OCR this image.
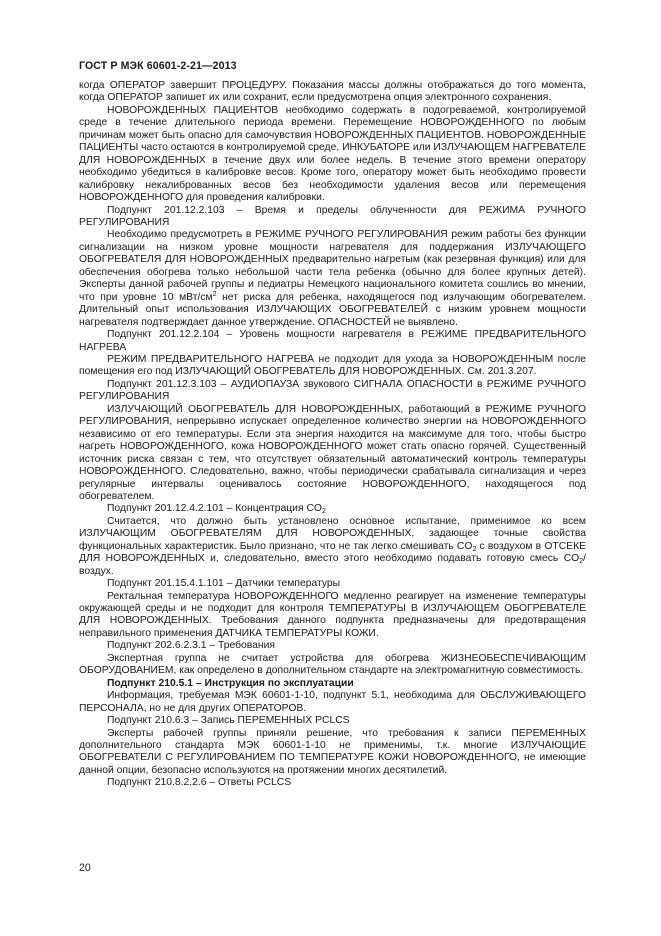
ГОСТ Р МЭК 60601-2-21—2013

когда ОПЕРАТОР завершит ПРОЦЕДУРУ. Показания массы должны отображаться до того момента, когда ОПЕРАТОР запишет их или сохранит, если предусмотрена опция электронного сохранения.

НОВОРОЖДЕННЫХ ПАЦИЕНТОВ необходимо содержать в подогреваемой, контролируемой среде в течение длительного периода времени. Перемещение НОВОРОЖДЕННОГО по любым причинам может быть опасно для самочувствия НОВОРОЖДЕННЫХ ПАЦИЕНТОВ. НОВОРОЖДЕННЫЕ ПАЦИЕНТЫ часто остаются в контролируемой среде, ИНКУБАТОРЕ или ИЗЛУЧАЮЩЕМ НАГРЕВАТЕЛЕ ДЛЯ НОВОРОЖДЕННЫХ в течение двух или более недель. В течение этого времени оператору необходимо убедиться в калибровке весов. Кроме того, оператору может быть необходимо провести калибровку некалиброванных весов без необходимости удаления весов или перемещения НОВОРОЖДЕННОГО для проведения калибровки.

Подпункт 201.12.2.103 – Время и пределы облученности для РЕЖИМА РУЧНОГО РЕГУЛИРОВАНИЯ

Необходимо предусмотреть в РЕЖИМЕ РУЧНОГО РЕГУЛИРОВАНИЯ режим работы без функции сигнализации на низком уровне мощности нагревателя для поддержания ИЗЛУЧАЮЩЕГО ОБОГРЕВАТЕЛЯ ДЛЯ НОВОРОЖДЕННЫХ предварительно нагретым (как резервная функция) или для обеспечения обогрева только небольшой части тела ребенка (обычно для более крупных детей). Эксперты данной рабочей группы и педиатры Немецкого национального комитета сошлись во мнении, что при уровне 10 мВт/$см^2$ нет риска для ребенка, находящегося под излучающим обогревателем. Длительный опыт использования ИЗЛУЧАЮЩИХ ОБОГРЕВАТЕЛЕЙ с низким уровнем мощности нагревателя подтверждает данное утверждение. ОПАСНОСТЕЙ не выявлено.

Подпункт 201.12.2.104 – Уровень мощности нагревателя в РЕЖИМЕ ПРЕДВАРИТЕЛЬНОГО НАГРЕВА

РЕЖИМ ПРЕДВАРИТЕЛЬНОГО НАГРЕВА не подходит для ухода за НОВОРОЖДЕННЫМ после помещения его под ИЗЛУЧАЮЩИЙ ОБОГРЕВАТЕЛЬ ДЛЯ НОВОРОЖДЕННЫХ. См. 201.3.207.

Подпункт 201.12.3.103 – АУДИОПАУЗА звукового СИГНАЛА ОПАСНОСТИ в РЕЖИМЕ РУЧНОГО РЕГУЛИРОВАНИЯ

ИЗЛУЧАЮЩИЙ ОБОГРЕВАТЕЛЬ ДЛЯ НОВОРОЖДЕННЫХ, работающий в РЕЖИМЕ РУЧНОГО РЕГУЛИРОВАНИЯ, непрерывно испускает определенное количество энергии на НОВОРОЖДЕННОГО независимо от его температуры. Если эта энергия находится на максимуме для того, чтобы быстро нагреть НОВОРОЖДЕННОГО, кожа НОВОРОЖДЕННОГО может стать опасно горячей. Существенный источник риска связан с тем, что отсутствует обязательный автоматический контроль температуры НОВОРОЖДЕННОГО. Следовательно, важно, чтобы периодически срабатывала сигнализация и через регулярные интервалы оценивалось состояние НОВОРОЖДЕННОГО, находящегося под обогревателем.

Подпункт 201.12.4.2.101 – Концентрация $CO_2$

Считается, что должно быть установлено основное испытание, применимое ко всем ИЗЛУЧАЮЩИМ ОБОГРЕВАТЕЛЯМ ДЛЯ НОВОРОЖДЕННЫХ, задающее точные свойства функциональных характеристик. Было признано, что не так легко смешивать $CO_2$ с воздухом в ОТСЕКЕ ДЛЯ НОВОРОЖДЕННЫХ и, следовательно, вместо этого необходимо подавать готовую смесь $CO_2$/воздух.

Подпункт 201.15.4.1.101 – Датчики температуры

Ректальная температура НОВОРОЖДЕННОГО медленно реагирует на изменение температуры окружающей среды и не подходит для контроля ТЕМПЕРАТУРЫ В ИЗЛУЧАЮЩЕМ ОБОГРЕВАТЕЛЕ ДЛЯ НОВОРОЖДЕННЫХ. Требования данного подпункта предназначены для предотвращения неправильного применения ДАТЧИКА ТЕМПЕРАТУРЫ КОЖИ.

Подпункт 202.6.2.3.1 – Требования

Экспертная группа не считает устройства для обогрева ЖИЗНЕОБЕСПЕЧИВАЮЩИМ ОБОРУДОВАНИЕМ, как определено в дополнительном стандарте на электромагнитную совместимость.

Подпункт 210.5.1 – Инструкция по эксплуатации

Информация, требуемая МЭК 60601-1-10, подпункт 5.1, необходима для ОБСЛУЖИВАЮЩЕГО ПЕРСОНАЛА, но не для других ОПЕРАТОРОВ.

Подпункт 210.6.3 – Запись ПЕРЕМЕННЫХ PCLCS

Эксперты рабочей группы приняли решение, что требования к записи ПЕРЕМЕННЫХ дополнительного стандарта МЭК 60601-1-10 не применимы, т.к. многие ИЗЛУЧАЮЩИЕ ОБОГРЕВАТЕЛИ С РЕГУЛИРОВАНИЕМ ПО ТЕМПЕРАТУРЕ КОЖИ НОВОРОЖДЕННОГО, не имеющие данной опции, безопасно используются на протяжении многих десятилетий.

Подпункт 210.8.2.2.6 – Ответы PCLCS

20
